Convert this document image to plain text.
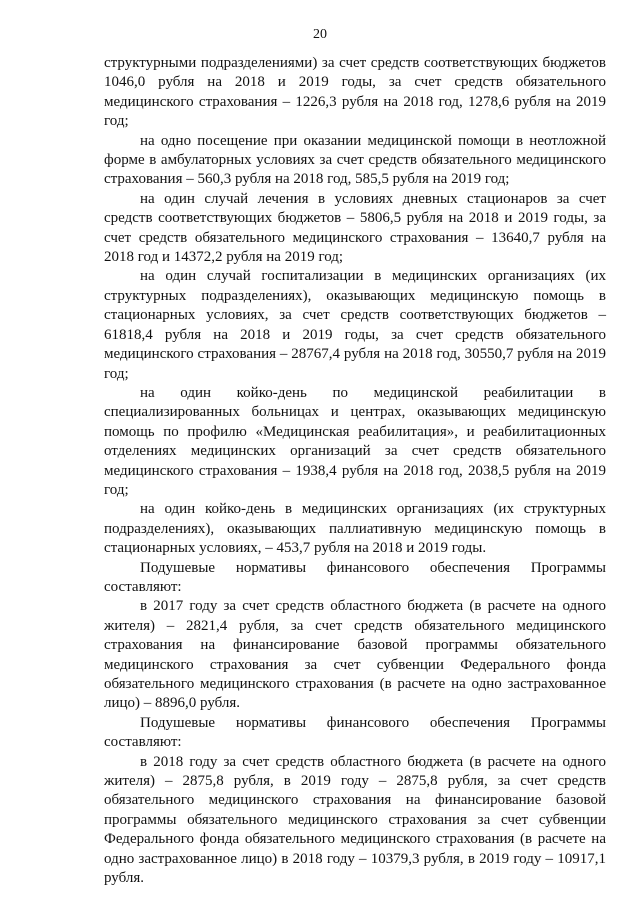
20

структурными подразделениями) за счет средств соответствующих бюджетов 1046,0 рубля на 2018 и 2019 годы, за счет средств обязательного медицинского страхования – 1226,3 рубля на 2018 год, 1278,6 рубля на 2019 год;

на одно посещение при оказании медицинской помощи в неотложной форме в амбулаторных условиях за счет средств обязательного медицинского страхования – 560,3 рубля на 2018 год, 585,5 рубля на 2019 год;

на один случай лечения в условиях дневных стационаров за счет средств соответствующих бюджетов – 5806,5 рубля на 2018 и 2019 годы, за счет средств обязательного медицинского страхования – 13640,7 рубля на 2018 год и 14372,2 рубля на 2019 год;

на один случай госпитализации в медицинских организациях (их структурных подразделениях), оказывающих медицинскую помощь в стационарных условиях, за счет средств соответствующих бюджетов – 61818,4 рубля на 2018 и 2019 годы, за счет средств обязательного медицинского страхования – 28767,4 рубля на 2018 год, 30550,7 рубля на 2019 год;

на один койко-день по медицинской реабилитации в специализированных больницах и центрах, оказывающих медицинскую помощь по профилю «Медицинская реабилитация», и реабилитационных отделениях медицинских организаций за счет средств обязательного медицинского страхования – 1938,4 рубля на 2018 год, 2038,5 рубля на 2019 год;

на один койко-день в медицинских организациях (их структурных подразделениях), оказывающих паллиативную медицинскую помощь в стационарных условиях, – 453,7 рубля на 2018 и 2019 годы.

Подушевые нормативы финансового обеспечения Программы составляют:

в 2017 году за счет средств областного бюджета (в расчете на одного жителя) – 2821,4 рубля, за счет средств обязательного медицинского страхования на финансирование базовой программы обязательного медицинского страхования за счет субвенции Федерального фонда обязательного медицинского страхования (в расчете на одно застрахованное лицо) – 8896,0 рубля.

Подушевые нормативы финансового обеспечения Программы составляют:

в 2018 году за счет средств областного бюджета (в расчете на одного жителя) – 2875,8 рубля, в 2019 году – 2875,8 рубля, за счет средств обязательного медицинского страхования на финансирование базовой программы обязательного медицинского страхования за счет субвенции Федерального фонда обязательного медицинского страхования (в расчете на одно застрахованное лицо) в 2018 году – 10379,3 рубля, в 2019 году – 10917,1 рубля.
